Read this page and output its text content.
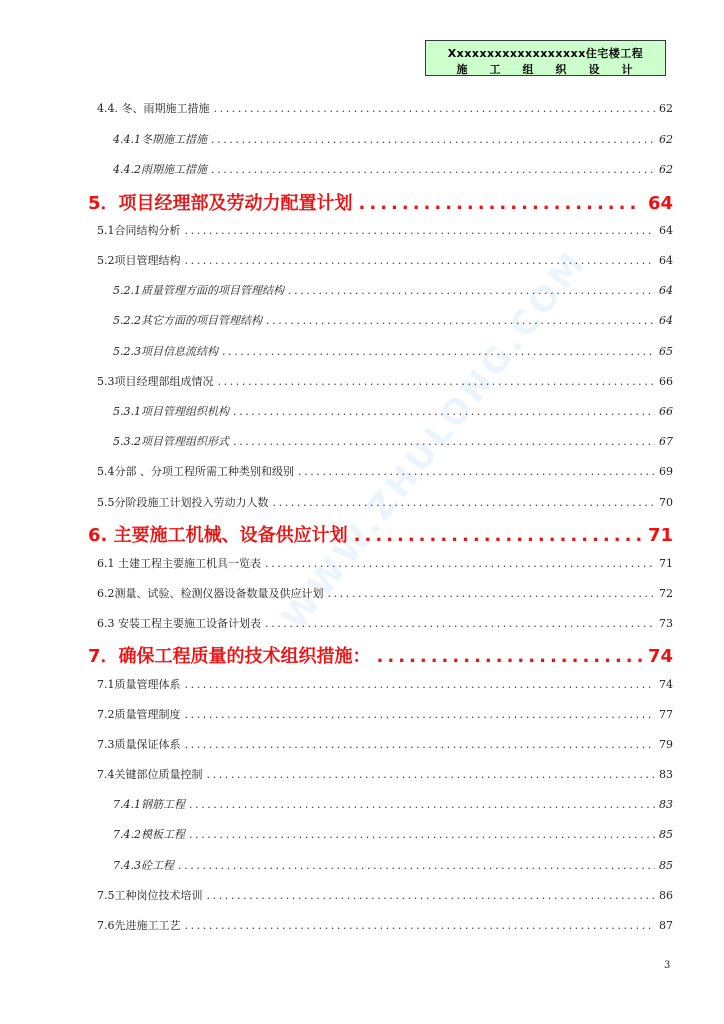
Xxxxxxxxxxxxxxxxxx住宅楼工程
施工组织设计
WWW.ZHULONG.COM
4.4. 冬、雨期施工措施 .....	62
4.4.1冬期施工措施 .....	62
4.4.2雨期施工措施 .....	62
5．项目经理部及劳动力配置计划 .....	64
5.1合同结构分析 .....	64
5.2项目管理结构 .....	64
5.2.1质量管理方面的项目管理结构 .....	64
5.2.2其它方面的项目管理结构 .....	64
5.2.3项目信息流结构 .....	65
5.3项目经理部组成情况 .....	66
5.3.1项目管理组织机构 .....	66
5.3.2项目管理组织形式 .....	67
5.4分部 、分项工程所需工种类别和级别 .....	69
5.5分阶段施工计划投入劳动力人数 .....	70
6. 主要施工机械、设备供应计划 .....	71
6.1 土建工程主要施工机具一览表 .....	71
6.2测量、试验、检测仪器设备数量及供应计划 .....	72
6.3 安装工程主要施工设备计划表 .....	73
7．确保工程质量的技术组织措施： .....	74
7.1质量管理体系 .....	74
7.2质量管理制度 .....	77
7.3质量保证体系 .....	79
7.4关键部位质量控制 .....	83
7.4.1钢筋工程 .....	83
7.4.2模板工程 .....	85
7.4.3砼工程 .....	85
7.5工种岗位技术培训 .....	86
7.6先进施工工艺 .....	87
3
